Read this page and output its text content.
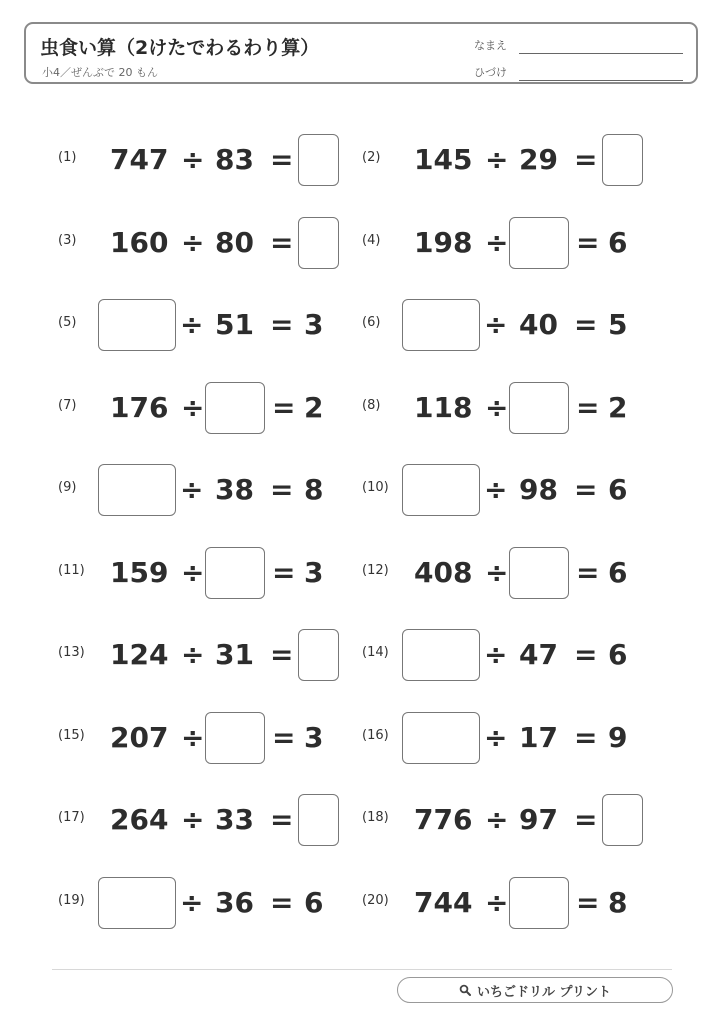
虫食い算（2けたでわるわり算）
小4／ぜんぶで 20 もん
なまえ
ひづけ
(1) 747 ÷ 83 =	(2) 145 ÷ 29 =
(3) 160 ÷ 80 =	(4) 198 ÷ = 6
(5)	÷ 51 = 3	(6)	÷ 40 = 5
(7) 176 ÷ = 2	(8) 118 ÷ = 2
(9)	÷ 38 = 8	(10)	÷ 98 = 6
(11) 159 ÷ = 3	(12) 408 ÷ = 6
(13) 124 ÷ 31 =	(14)	÷ 47 = 6
(15) 207 ÷ = 3	(16)	÷ 17 = 9
(17) 264 ÷ 33 =	(18) 776 ÷ 97 =
(19)	÷ 36 = 6	(20) 744 ÷ = 8
いちごドリル プリント
